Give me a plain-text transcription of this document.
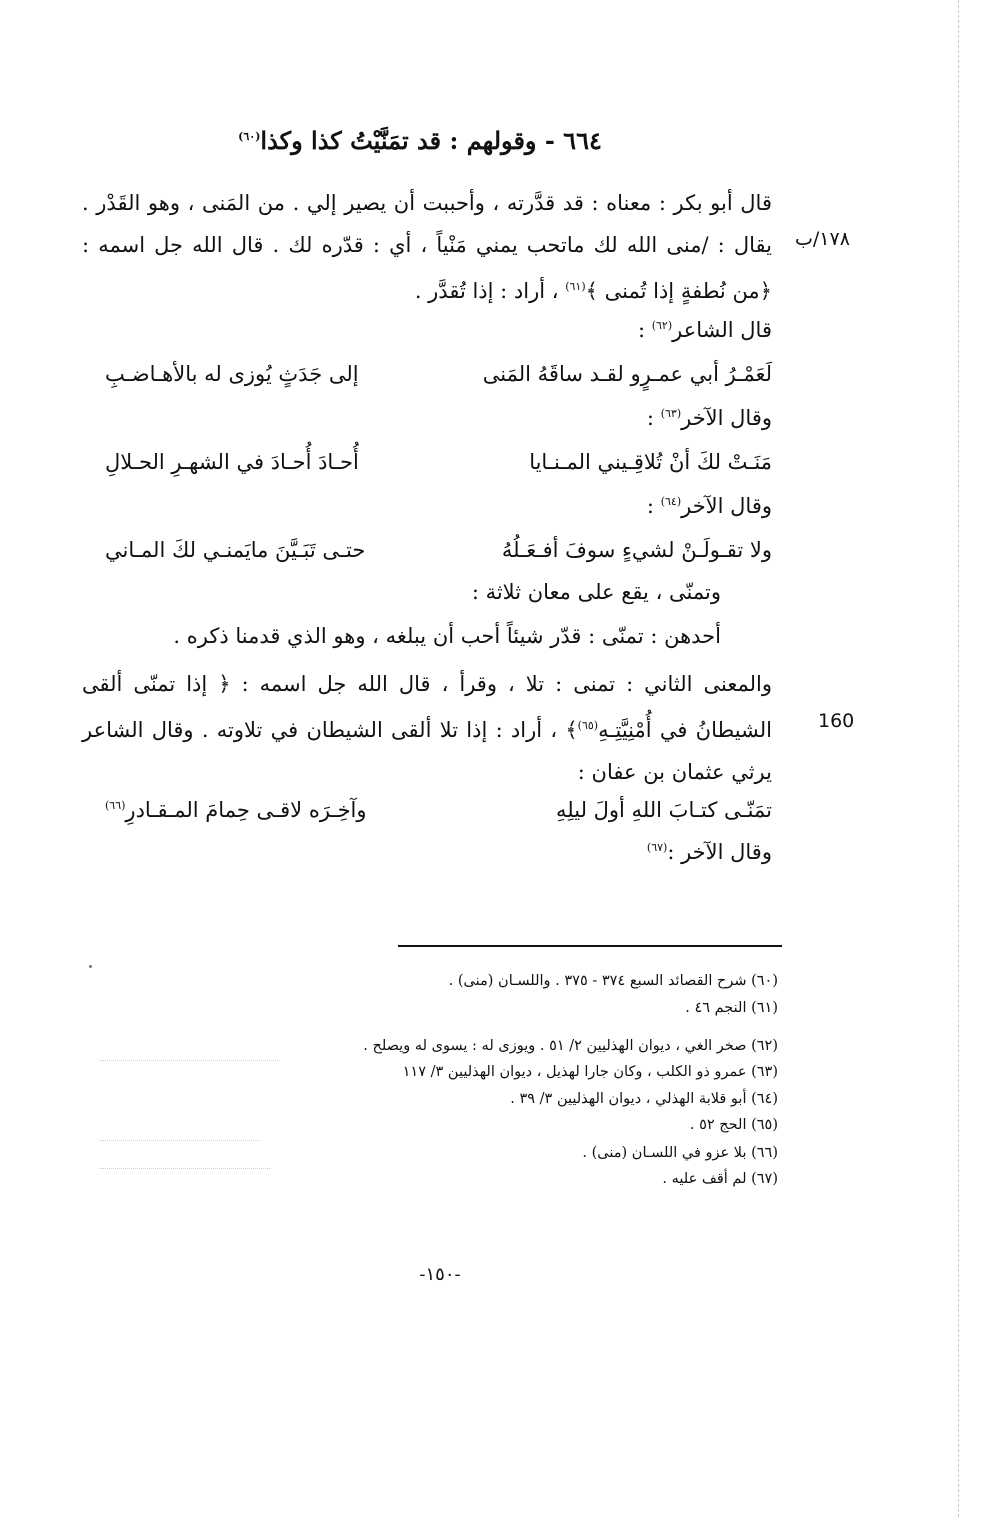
٦٦٤ - وقولهم : قد تمَنَّيْتُ كذا وكذا$^{(٦٠)}$
١٧٨/ب
قال أبو بكر : معناه : قد قدَّرته ، وأحببت أن يصير إلي . من المَنى ، وهو القَدْر . يقال : /منى الله لك ماتحب يمني مَنْياً ، أي : قدّره لك . قال الله جل اسمه : ﴿من نُطفةٍ إذا تُمنى ﴾$^{(٦١)}$ ، أراد : إذا تُقدَّر .
قال الشاعر$^{(٦٢)}$ :
لَعَمْـرُ أبي عمـرٍو لقـد ساقَهُ المَنى
إلى جَدَثٍ يُوزى له بالأهـاضـبِ
وقال الآخر$^{(٦٣)}$ :
مَنَـتْ لكَ أنْ تُلاقِـيني المـنـايا
أُحـادَ أُحـادَ في الشهـرِ الحـلالِ
وقال الآخر$^{(٦٤)}$ :
ولا تقـولَـنْ لشيءٍ سوفَ أفـعَـلُهُ
حتـى تَبَـيَّنَ مايَمنـي لكَ المـاني
وتمنّى ، يقع على معان ثلاثة :
أحدهن : تمنّى : قدّر شيئاً أحب أن يبلغه ، وهو الذي قدمنا ذكره .
160
والمعنى الثاني : تمنى : تلا ، وقرأ ، قال الله جل اسمه : ﴿ إذا تمنّى ألقى الشيطانُ في أُمْنِيَّتِـهِ$^{(٦٥)}$﴾ ، أراد : إذا تلا ألقى الشيطان في تلاوته . وقال الشاعر يرثي عثمان بن عفان :
تمَنّـى كتـابَ اللهِ أولَ ليلِهِ
وآخِـرَه لاقـى حِمامَ المـقـادرِ$^{(٦٦)}$
وقال الآخر :$^{(٦٧)}$
(٦٠) شرح القصائد السبع ٣٧٤ - ٣٧٥ . واللسـان (منى) .
(٦١) النجم ٤٦ .
(٦٢) صخر الغي ، ديوان الهذليين ٢/ ٥١ . ويوزى له : يسوى له ويصلح .
(٦٣) عمرو ذو الكلب ، وكان جارا لهذيل ، ديوان الهذليين ٣/ ١١٧
(٦٤) أبو قلابة الهذلي ، ديوان الهذليين ٣/ ٣٩ .
(٦٥) الحج ٥٢ .
(٦٦) بلا عزو في اللسـان (منى) .
(٦٧) لم أقف عليه .
-١٥٠-
